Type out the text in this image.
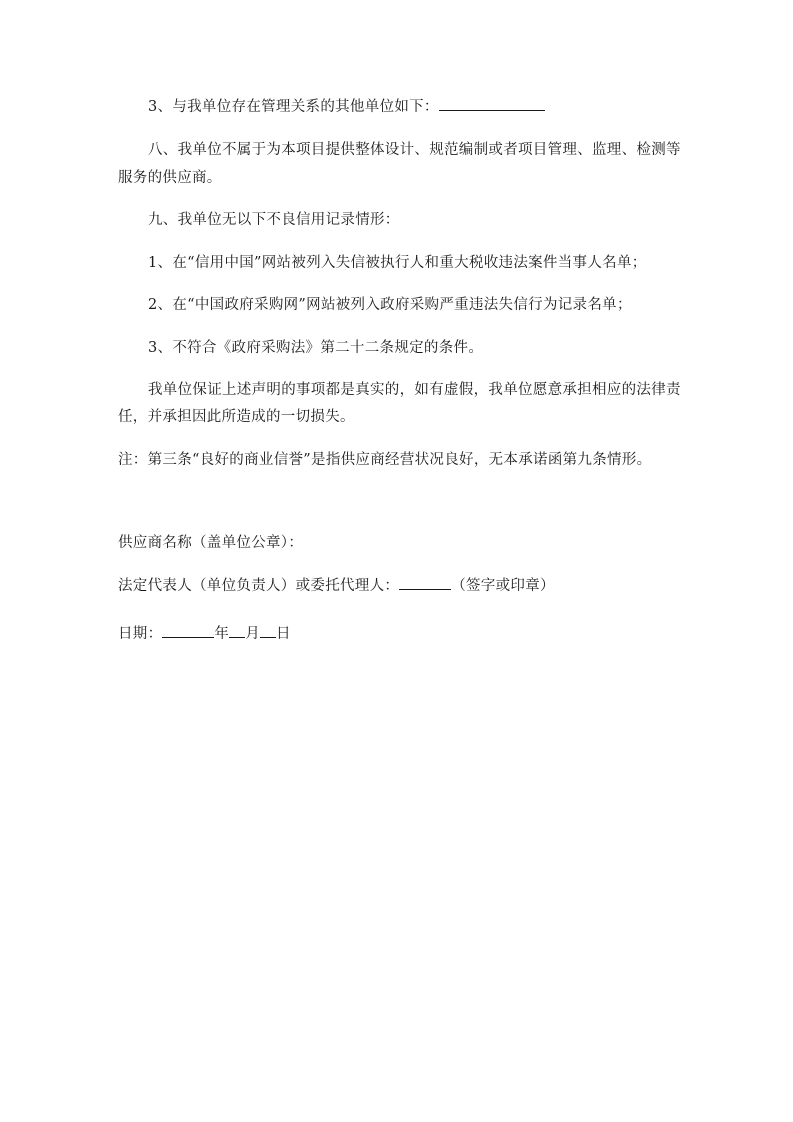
3、与我单位存在管理关系的其他单位如下：
八、我单位不属于为本项目提供整体设计、规范编制或者项目管理、监理、检测等
服务的供应商。
九、我单位无以下不良信用记录情形：
1、在“信用中国”网站被列入失信被执行人和重大税收违法案件当事人名单；
2、在“中国政府采购网”网站被列入政府采购严重违法失信行为记录名单；
3、不符合《政府采购法》第二十二条规定的条件。
我单位保证上述声明的事项都是真实的，如有虚假，我单位愿意承担相应的法律责
任，并承担因此所造成的一切损失。
注：第三条“良好的商业信誉”是指供应商经营状况良好，无本承诺函第九条情形。
供应商名称（盖单位公章）：
法定代表人（单位负责人）或委托代理人：	（签字或印章）
日期：	年 月 日
